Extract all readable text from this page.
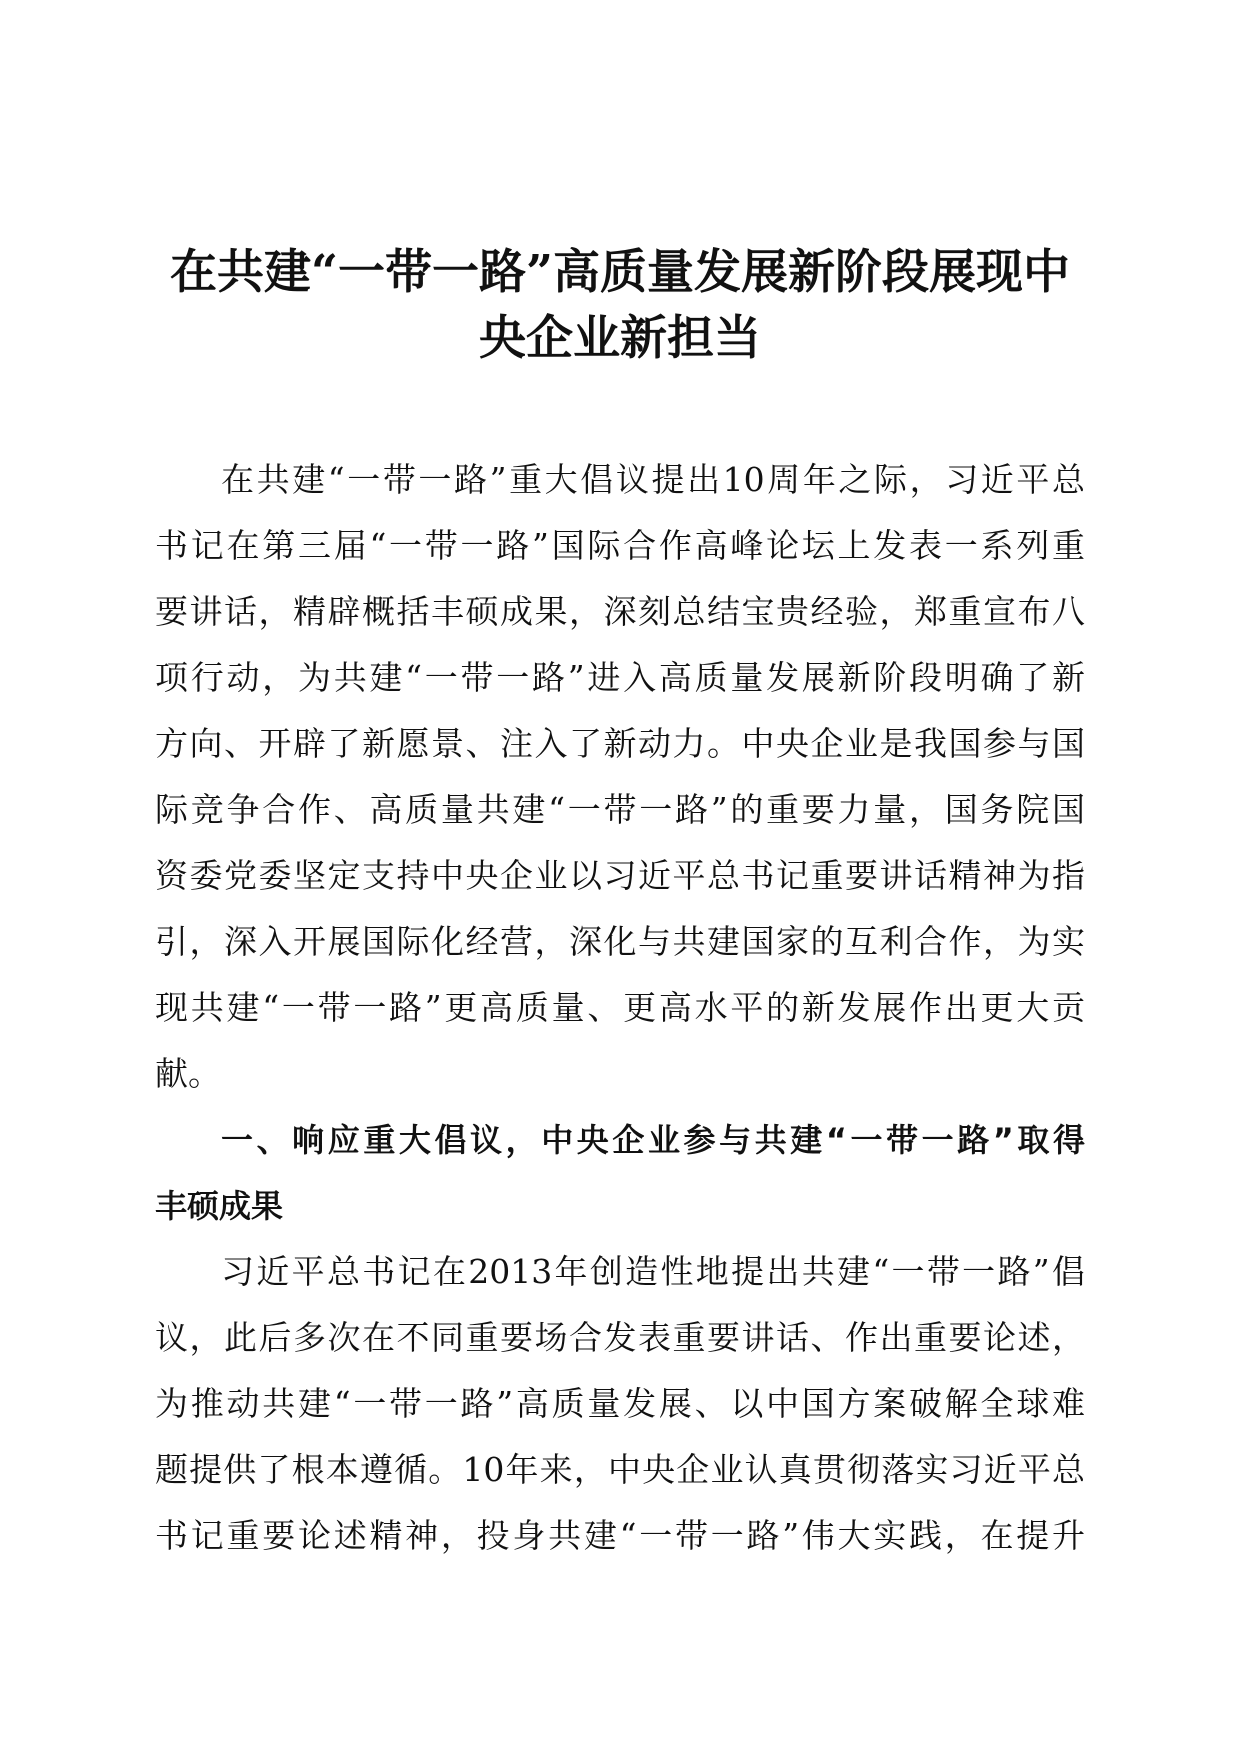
在共建“一带一路”高质量发展新阶段展现中
央企业新担当
在共建“一带一路”重大倡议提出10周年之际，习近平总
书记在第三届“一带一路”国际合作高峰论坛上发表一系列重
要讲话，精辟概括丰硕成果，深刻总结宝贵经验，郑重宣布八
项行动，为共建“一带一路”进入高质量发展新阶段明确了新
方向、开辟了新愿景、注入了新动力。中央企业是我国参与国
际竞争合作、高质量共建“一带一路”的重要力量，国务院国
资委党委坚定支持中央企业以习近平总书记重要讲话精神为指
引，深入开展国际化经营，深化与共建国家的互利合作，为实
现共建“一带一路”更高质量、更高水平的新发展作出更大贡
献。
一、响应重大倡议，中央企业参与共建“一带一路”取得
丰硕成果
习近平总书记在2013年创造性地提出共建“一带一路”倡
议，此后多次在不同重要场合发表重要讲话、作出重要论述，
为推动共建“一带一路”高质量发展、以中国方案破解全球难
题提供了根本遵循。10年来，中央企业认真贯彻落实习近平总
书记重要论述精神，投身共建“一带一路”伟大实践，在提升
